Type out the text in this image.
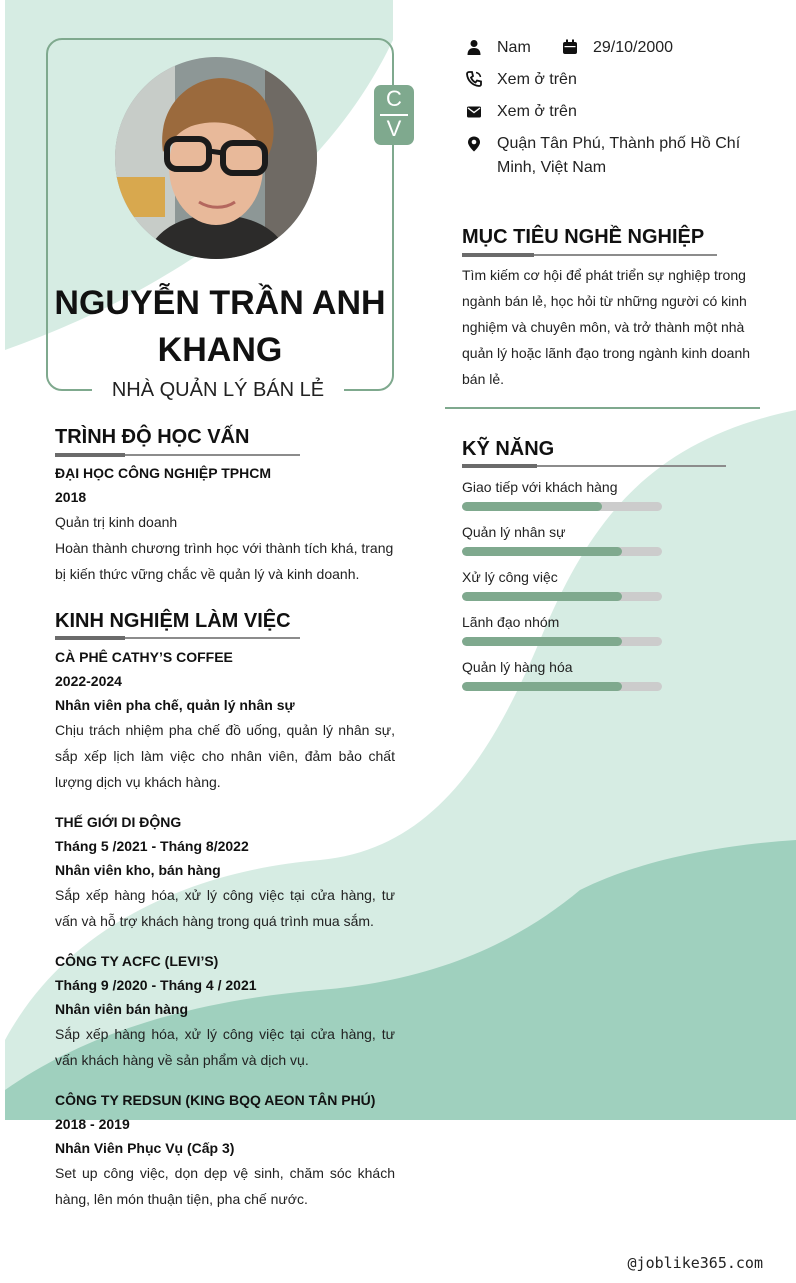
C
V
NGUYỄN TRẦN ANH KHANG
NHÀ QUẢN LÝ BÁN LẺ
Nam	29/10/2000
Xem ở trên
Xem ở trên
Quận Tân Phú, Thành phố Hồ Chí Minh, Việt Nam
MỤC TIÊU NGHỀ NGHIỆP
Tìm kiếm cơ hội để phát triển sự nghiệp trong ngành bán lẻ, học hỏi từ những người có kinh nghiệm và chuyên môn, và trở thành một nhà quản lý hoặc lãnh đạo trong ngành kinh doanh bán lẻ.
KỸ NĂNG
Giao tiếp với khách hàng
Quản lý nhân sự
Xử lý công việc
Lãnh đạo nhóm
Quản lý hàng hóa
TRÌNH ĐỘ HỌC VẤN
ĐẠI HỌC CÔNG NGHIỆP TPHCM
2018
Quản trị kinh doanh
Hoàn thành chương trình học với thành tích khá, trang bị kiến thức vững chắc về quản lý và kinh doanh.
KINH NGHIỆM LÀM VIỆC
CÀ PHÊ CATHY’S COFFEE
2022-2024
Nhân viên pha chế, quản lý nhân sự
Chịu trách nhiệm pha chế đồ uống, quản lý nhân sự, sắp xếp lịch làm việc cho nhân viên, đảm bảo chất lượng dịch vụ khách hàng.
THẾ GIỚI DI ĐỘNG
Tháng 5 /2021 - Tháng 8/2022
Nhân viên kho, bán hàng
Sắp xếp hàng hóa, xử lý công việc tại cửa hàng, tư vấn và hỗ trợ khách hàng trong quá trình mua sắm.
CÔNG TY ACFC (LEVI’S)
Tháng 9 /2020 - Tháng 4 / 2021
Nhân viên bán hàng
Sắp xếp hàng hóa, xử lý công việc tại cửa hàng, tư vấn khách hàng về sản phẩm và dịch vụ.
CÔNG TY REDSUN (KING BQQ AEON TÂN PHÚ)
2018 - 2019
Nhân Viên Phục Vụ (Cấp 3)
Set up công việc, dọn dẹp vệ sinh, chăm sóc khách hàng, lên món thuận tiện, pha chế nước.
@joblike365.com
